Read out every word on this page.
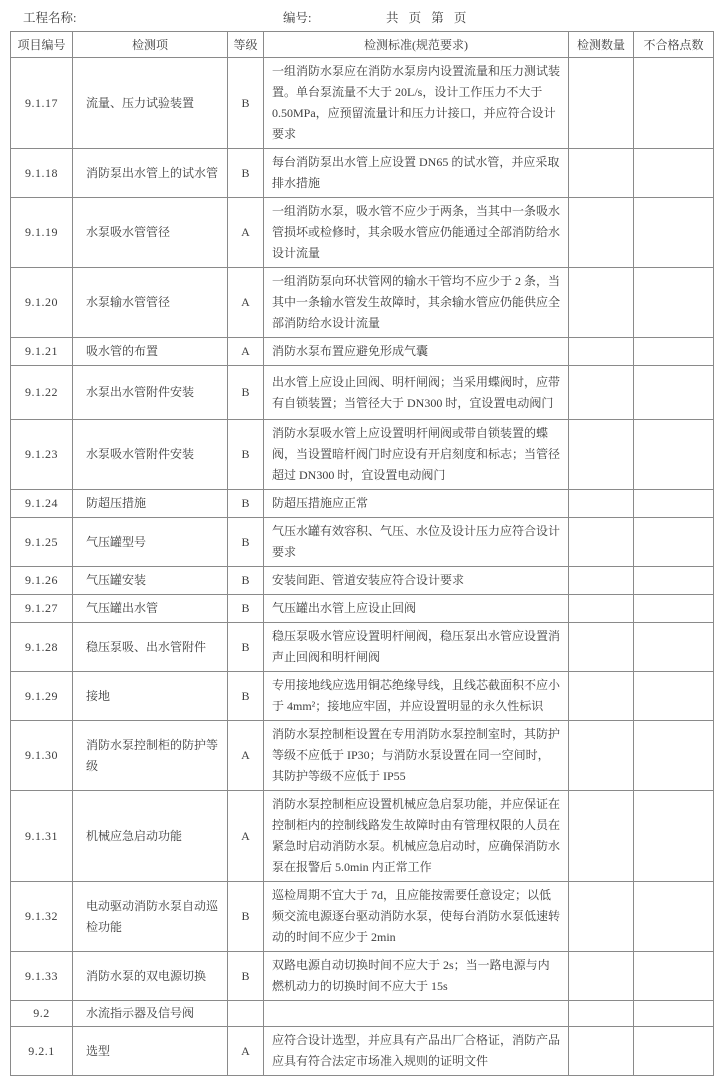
工程名称:	编号:	共 页 第 页
项目编号	检测项	等级	检测标准(规范要求)	检测数量	不合格点数
9.1.17	流量、压力试验装置	B	一组消防水泵应在消防水泵房内设置流量和压力测试装置。单台泵流量不大于 20L/s，设计工作压力不大于 0.50MPa，应预留流量计和压力计接口，并应符合设计要求		
9.1.18	消防泵出水管上的试水管	B	每台消防泵出水管上应设置 DN65 的试水管，并应采取排水措施		
9.1.19	水泵吸水管管径	A	一组消防水泵，吸水管不应少于两条，当其中一条吸水管损坏或检修时，其余吸水管应仍能通过全部消防给水设计流量		
9.1.20	水泵输水管管径	A	一组消防泵向环状管网的输水干管均不应少于 2 条，当其中一条输水管发生故障时，其余输水管应仍能供应全部消防给水设计流量		
9.1.21	吸水管的布置	A	消防水泵布置应避免形成气囊		
9.1.22	水泵出水管附件安装	B	出水管上应设止回阀、明杆闸阀；当采用蝶阀时，应带有自锁装置；当管径大于 DN300 时，宜设置电动阀门		
9.1.23	水泵吸水管附件安装	B	消防水泵吸水管上应设置明杆闸阀或带自锁装置的蝶阀，当设置暗杆阀门时应设有开启刻度和标志；当管径超过 DN300 时，宜设置电动阀门		
9.1.24	防超压措施	B	防超压措施应正常		
9.1.25	气压罐型号	B	气压水罐有效容积、气压、水位及设计压力应符合设计要求		
9.1.26	气压罐安装	B	安装间距、管道安装应符合设计要求		
9.1.27	气压罐出水管	B	气压罐出水管上应设止回阀		
9.1.28	稳压泵吸、出水管附件	B	稳压泵吸水管应设置明杆闸阀，稳压泵出水管应设置消声止回阀和明杆闸阀		
9.1.29	接地	B	专用接地线应选用铜芯绝缘导线，且线芯截面积不应小于 4mm²；接地应牢固，并应设置明显的永久性标识		
9.1.30	消防水泵控制柜的防护等级	A	消防水泵控制柜设置在专用消防水泵控制室时，其防护等级不应低于 IP30；与消防水泵设置在同一空间时，其防护等级不应低于 IP55		
9.1.31	机械应急启动功能	A	消防水泵控制柜应设置机械应急启泵功能，并应保证在控制柜内的控制线路发生故障时由有管理权限的人员在紧急时启动消防水泵。机械应急启动时，应确保消防水泵在报警后 5.0min 内正常工作		
9.1.32	电动驱动消防水泵自动巡检功能	B	巡检周期不宜大于 7d，且应能按需要任意设定；以低频交流电源逐台驱动消防水泵，使每台消防水泵低速转动的时间不应少于 2min		
9.1.33	消防水泵的双电源切换	B	双路电源自动切换时间不应大于 2s；当一路电源与内燃机动力的切换时间不应大于 15s		
9.2	水流指示器及信号阀				
9.2.1	选型	A	应符合设计选型，并应具有产品出厂合格证，消防产品应具有符合法定市场准入规则的证明文件		
